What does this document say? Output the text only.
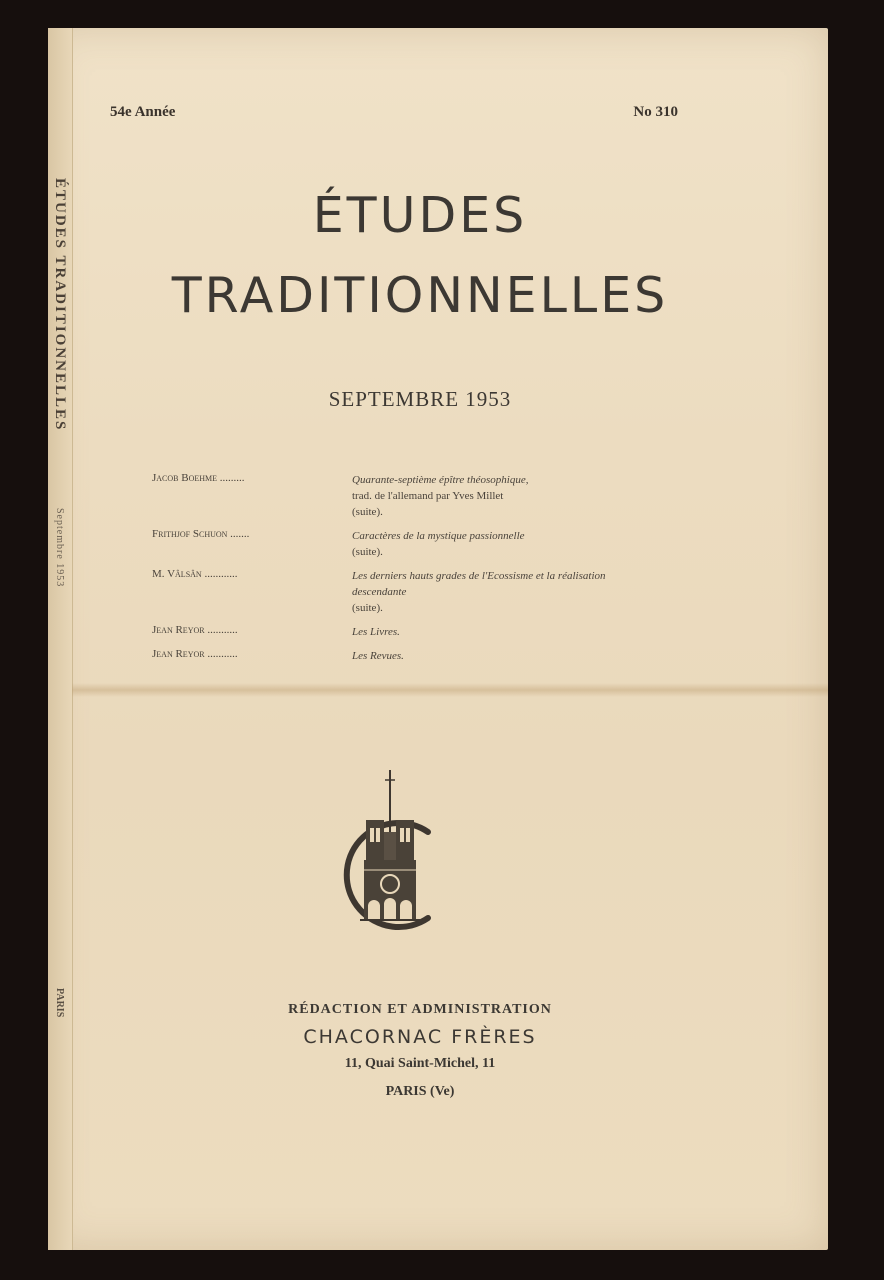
ÉTUDES TRADITIONNELLES
Septembre 1953
PARIS
54e Année	No 310
ÉTUDES
TRADITIONNELLES
SEPTEMBRE 1953
Jacob Boehme .........	Quarante-septième épître théosophique,
trad. de l'allemand par Yves Millet
(suite).
Frithjof Schuon .......	Caractères de la mystique passionnelle
(suite).
M. Vâlsân ............	Les derniers hauts grades de l'Ecossisme et la réalisation descendante
(suite).
Jean Reyor ...........	Les Livres.
Jean Reyor ...........	Les Revues.
RÉDACTION ET ADMINISTRATION
CHACORNAC FRÈRES
11, Quai Saint-Michel, 11
PARIS (Ve)
